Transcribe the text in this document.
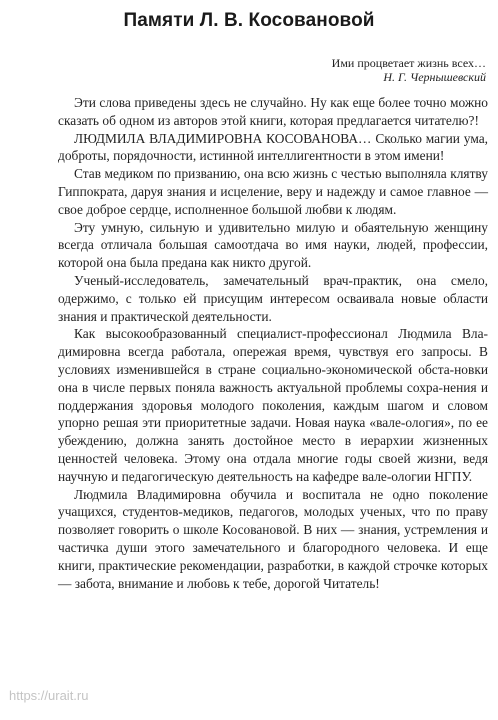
Памяти Л. В. Косовановой
Ими процветает жизнь всех…
Н. Г. Чернышевский

Эти слова приведены здесь не случайно. Ну как еще более точно можно сказать об одном из авторов этой книги, которая предлагается читателю?!

ЛЮДМИЛА ВЛАДИМИРОВНА КОСОВАНОВА… Сколько магии ума, доброты, порядочности, истинной интеллигентности в этом имени!

Став медиком по призванию, она всю жизнь с честью выполняла клятву Гиппократа, даруя знания и исцеление, веру и надежду и самое главное — свое доброе сердце, исполненное большой любви к людям.

Эту умную, сильную и удивительно милую и обаятельную женщину всегда отличала большая самоотдача во имя науки, людей, профессии, которой она была предана как никто другой.

Ученый-исследователь, замечательный врач-практик, она смело, одержимо, с только ей присущим интересом осваивала новые области знания и практической деятельности.

Как высокообразованный специалист-профессионал Людмила Вла-димировна всегда работала, опережая время, чувствуя его запросы. В условиях изменившейся в стране социально-экономической обста-новки она в числе первых поняла важность актуальной проблемы сохра-нения и поддержания здоровья молодого поколения, каждым шагом и словом упорно решая эти приоритетные задачи. Новая наука «вале-ология», по ее убеждению, должна занять достойное место в иерархии жизненных ценностей человека. Этому она отдала многие годы своей жизни, ведя научную и педагогическую деятельность на кафедре вале-ологии НГПУ.

Людмила Владимировна обучила и воспитала не одно поколение учащихся, студентов-медиков, педагогов, молодых ученых, что по праву позволяет говорить о школе Косовановой. В них — знания, устремления и частичка души этого замечательного и благородного человека. И еще книги, практические рекомендации, разработки, в каждой строчке которых — забота, внимание и любовь к тебе, дорогой Читатель!

https://urait.ru
